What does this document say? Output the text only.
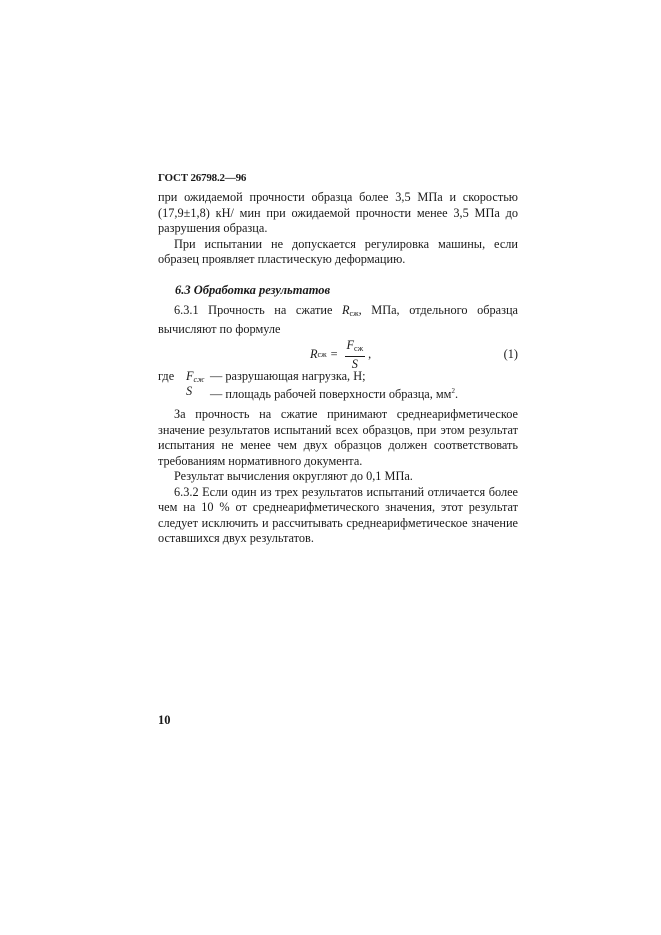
ГОСТ 26798.2—96

при ожидаемой прочности образца более 3,5 МПа и скоростью (17,9±1,8) кН/ мин при ожидаемой прочности менее 3,5 МПа до разрушения образца.

При испытании не допускается регулировка машины, если образец проявляет пластическую деформацию.

6.3 Обработка результатов

6.3.1 Прочность на сжатие $R_{сж}$, МПа, отдельного образца вычисляют по формуле

R сж = $\frac{F_{сж}}{S}$ ,	(1)
где $F_{сж}$ — разрушающая нагрузка, Н;
S — площадь рабочей поверхности образца, $мм^2$.

За прочность на сжатие принимают среднеарифметическое значение результатов испытаний всех образцов, при этом результат испытания не менее чем двух образцов должен соответствовать требованиям нормативного документа.

Результат вычисления округляют до 0,1 МПа.

6.3.2 Если один из трех результатов испытаний отличается более чем на 10 % от среднеарифметического значения, этот результат следует исключить и рассчитывать среднеарифметическое значение оставшихся двух результатов.

10
